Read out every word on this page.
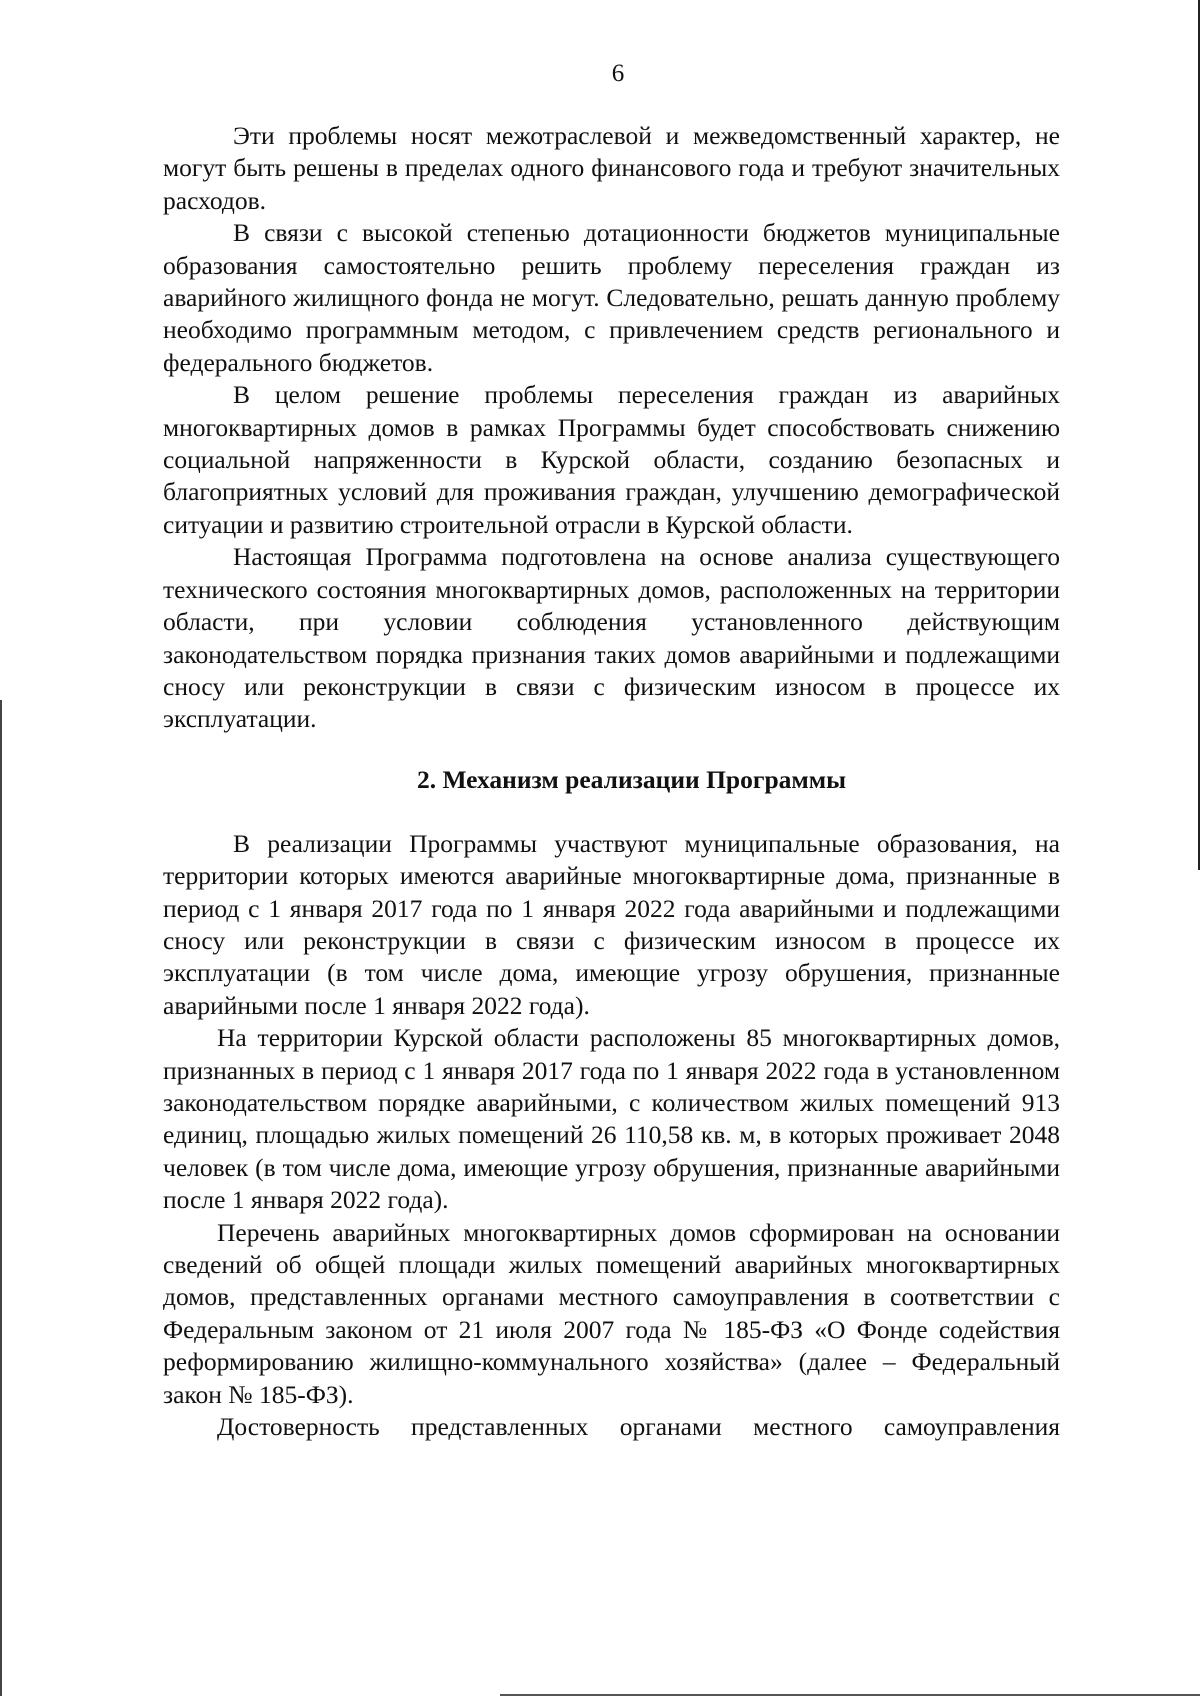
6

Эти проблемы носят межотраслевой и межведомственный характер, не могут быть решены в пределах одного финансового года и требуют значительных расходов.

В связи с высокой степенью дотационности бюджетов муниципальные образования самостоятельно решить проблему переселения граждан из аварийного жилищного фонда не могут. Следовательно, решать данную проблему необходимо программным методом, с привлечением средств регионального и федерального бюджетов.

В целом решение проблемы переселения граждан из аварийных многоквартирных домов в рамках Программы будет способствовать снижению социальной напряженности в Курской области, созданию безопасных и благоприятных условий для проживания граждан, улучшению демографической ситуации и развитию строительной отрасли в Курской области.

Настоящая Программа подготовлена на основе анализа существующего технического состояния многоквартирных домов, расположенных на территории области, при условии соблюдения установленного действующим законодательством порядка признания таких домов аварийными и подлежащими сносу или реконструкции в связи с физическим износом в процессе их эксплуатации.

2. Механизм реализации Программы

В реализации Программы участвуют муниципальные образования, на территории которых имеются аварийные многоквартирные дома, признанные в период с 1 января 2017 года по 1 января 2022 года аварийными и подлежащими сносу или реконструкции в связи с физическим износом в процессе их эксплуатации (в том числе дома, имеющие угрозу обрушения, признанные аварийными после 1 января 2022 года).

На территории Курской области расположены 85 многоквартирных домов, признанных в период с 1 января 2017 года по 1 января 2022 года в установленном законодательством порядке аварийными, с количеством жилых помещений 913 единиц, площадью жилых помещений 26 110,58 кв. м, в которых проживает 2048 человек (в том числе дома, имеющие угрозу обрушения, признанные аварийными после 1 января 2022 года).

Перечень аварийных многоквартирных домов сформирован на основании сведений об общей площади жилых помещений аварийных многоквартирных домов, представленных органами местного самоуправления в соответствии с Федеральным законом от 21 июля 2007 года № 185-ФЗ «О Фонде содействия реформированию жилищно-коммунального хозяйства» (далее – Федеральный закон № 185-ФЗ).

Достоверность представленных органами местного самоуправления
